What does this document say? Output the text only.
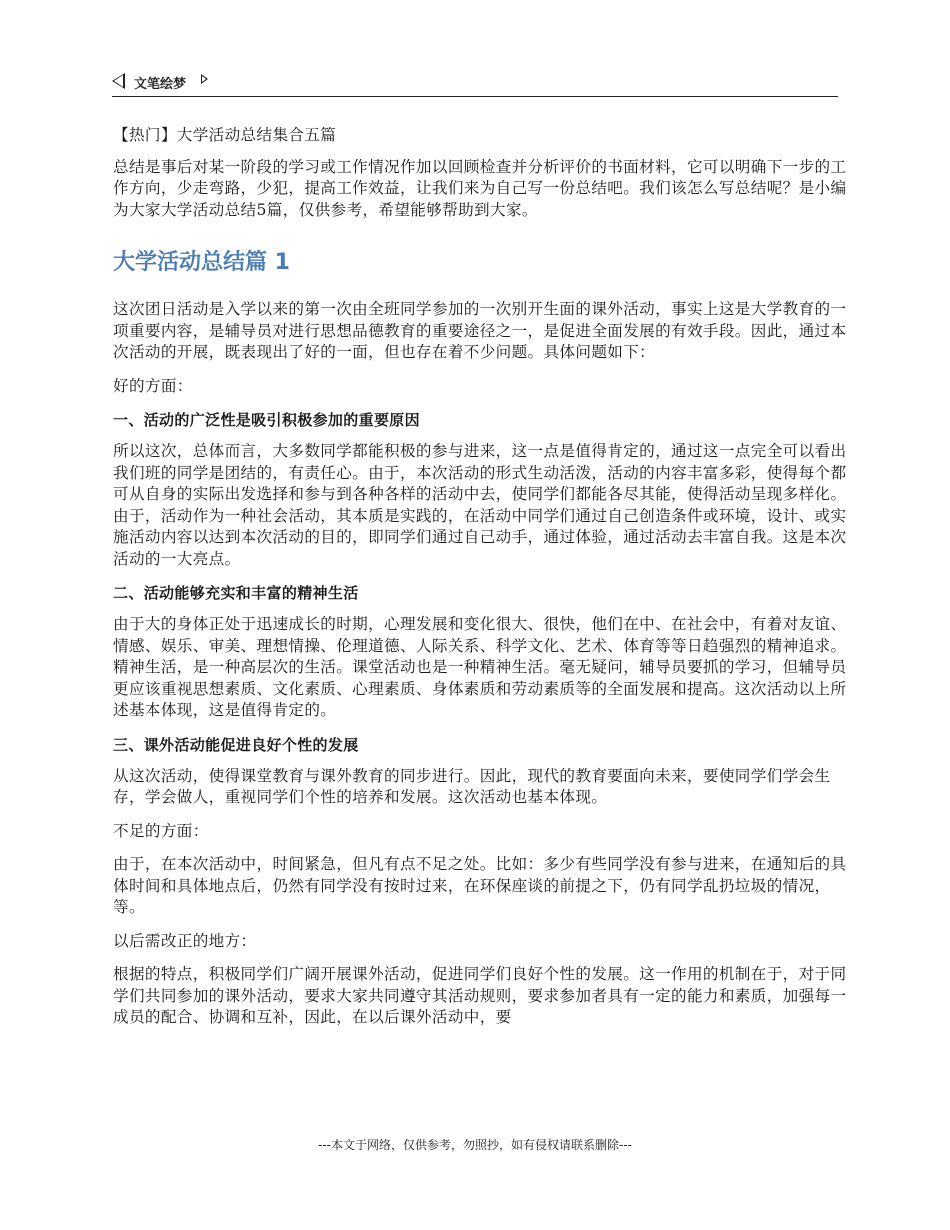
文笔绘梦

【热门】大学活动总结集合五篇

总结是事后对某一阶段的学习或工作情况作加以回顾检查并分析评价的书面材料，它可以明确下一步的工作方向，少走弯路，少犯，提高工作效益，让我们来为自己写一份总结吧。我们该怎么写总结呢？是小编为大家大学活动总结5篇，仅供参考，希望能够帮助到大家。

大学活动总结篇 1

这次团日活动是入学以来的第一次由全班同学参加的一次别开生面的课外活动，事实上这是大学教育的一项重要内容，是辅导员对进行思想品德教育的重要途径之一，是促进全面发展的有效手段。因此，通过本次活动的开展，既表现出了好的一面，但也存在着不少问题。具体问题如下：

好的方面：

一、活动的广泛性是吸引积极参加的重要原因

所以这次，总体而言，大多数同学都能积极的参与进来，这一点是值得肯定的，通过这一点完全可以看出我们班的同学是团结的，有责任心。由于，本次活动的形式生动活泼，活动的内容丰富多彩，使得每个都可从自身的实际出发选择和参与到各种各样的活动中去，使同学们都能各尽其能，使得活动呈现多样化。由于，活动作为一种社会活动，其本质是实践的，在活动中同学们通过自己创造条件或环境，设计、或实施活动内容以达到本次活动的目的，即同学们通过自己动手，通过体验，通过活动去丰富自我。这是本次活动的一大亮点。

二、活动能够充实和丰富的精神生活

由于大的身体正处于迅速成长的时期，心理发展和变化很大、很快，他们在中、在社会中，有着对友谊、情感、娱乐、审美、理想情操、伦理道德、人际关系、科学文化、艺术、体育等等日趋强烈的精神追求。精神生活，是一种高层次的生活。课堂活动也是一种精神生活。毫无疑问，辅导员要抓的学习，但辅导员更应该重视思想素质、文化素质、心理素质、身体素质和劳动素质等的全面发展和提高。这次活动以上所述基本体现，这是值得肯定的。

三、课外活动能促进良好个性的发展

从这次活动，使得课堂教育与课外教育的同步进行。因此，现代的教育要面向未来，要使同学们学会生存，学会做人，重视同学们个性的培养和发展。这次活动也基本体现。

不足的方面：

由于，在本次活动中，时间紧急，但凡有点不足之处。比如：多少有些同学没有参与进来，在通知后的具体时间和具体地点后，仍然有同学没有按时过来，在环保座谈的前提之下，仍有同学乱扔垃圾的情况，等。

以后需改正的地方：

根据的特点，积极同学们广阔开展课外活动，促进同学们良好个性的发展。这一作用的机制在于，对于同学们共同参加的课外活动，要求大家共同遵守其活动规则，要求参加者具有一定的能力和素质，加强每一成员的配合、协调和互补，因此，在以后课外活动中，要

---本文于网络，仅供参考，勿照抄，如有侵权请联系删除---
